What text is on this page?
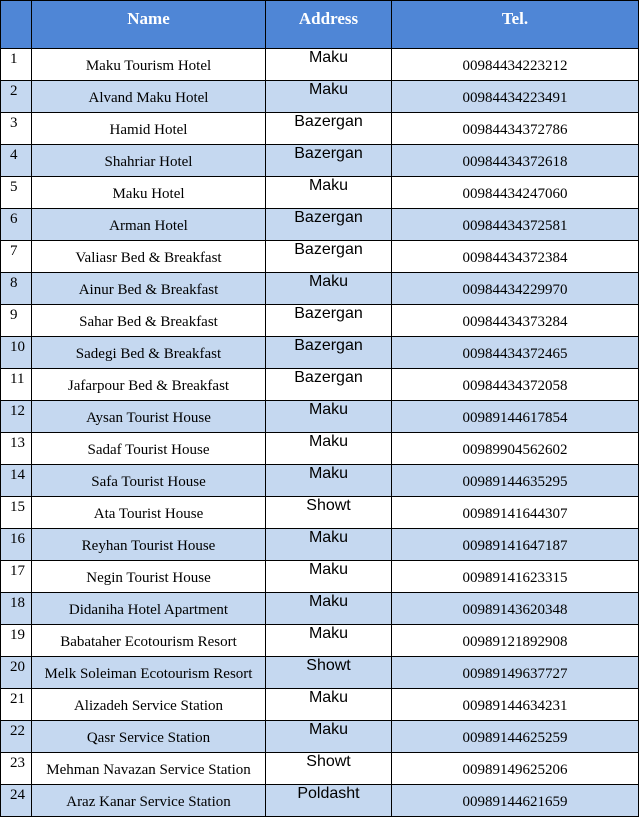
	Name	Address	Tel.
1	Maku Tourism Hotel	Maku	00984434223212
2	Alvand Maku Hotel	Maku	00984434223491
3	Hamid Hotel	Bazergan	00984434372786
4	Shahriar Hotel	Bazergan	00984434372618
5	Maku Hotel	Maku	00984434247060
6	Arman Hotel	Bazergan	00984434372581
7	Valiasr Bed & Breakfast	Bazergan	00984434372384
8	Ainur Bed & Breakfast	Maku	00984434229970
9	Sahar Bed & Breakfast	Bazergan	00984434373284
10	Sadegi Bed & Breakfast	Bazergan	00984434372465
11	Jafarpour Bed & Breakfast	Bazergan	00984434372058
12	Aysan Tourist House	Maku	00989144617854
13	Sadaf Tourist House	Maku	00989904562602
14	Safa Tourist House	Maku	00989144635295
15	Ata Tourist House	Showt	00989141644307
16	Reyhan Tourist House	Maku	00989141647187
17	Negin Tourist House	Maku	00989141623315
18	Didaniha Hotel Apartment	Maku	00989143620348
19	Babataher Ecotourism Resort	Maku	00989121892908
20	Melk Soleiman Ecotourism Resort	Showt	00989149637727
21	Alizadeh Service Station	Maku	00989144634231
22	Qasr Service Station	Maku	00989144625259
23	Mehman Navazan Service Station	Showt	00989149625206
24	Araz Kanar Service Station	Poldasht	00989144621659
